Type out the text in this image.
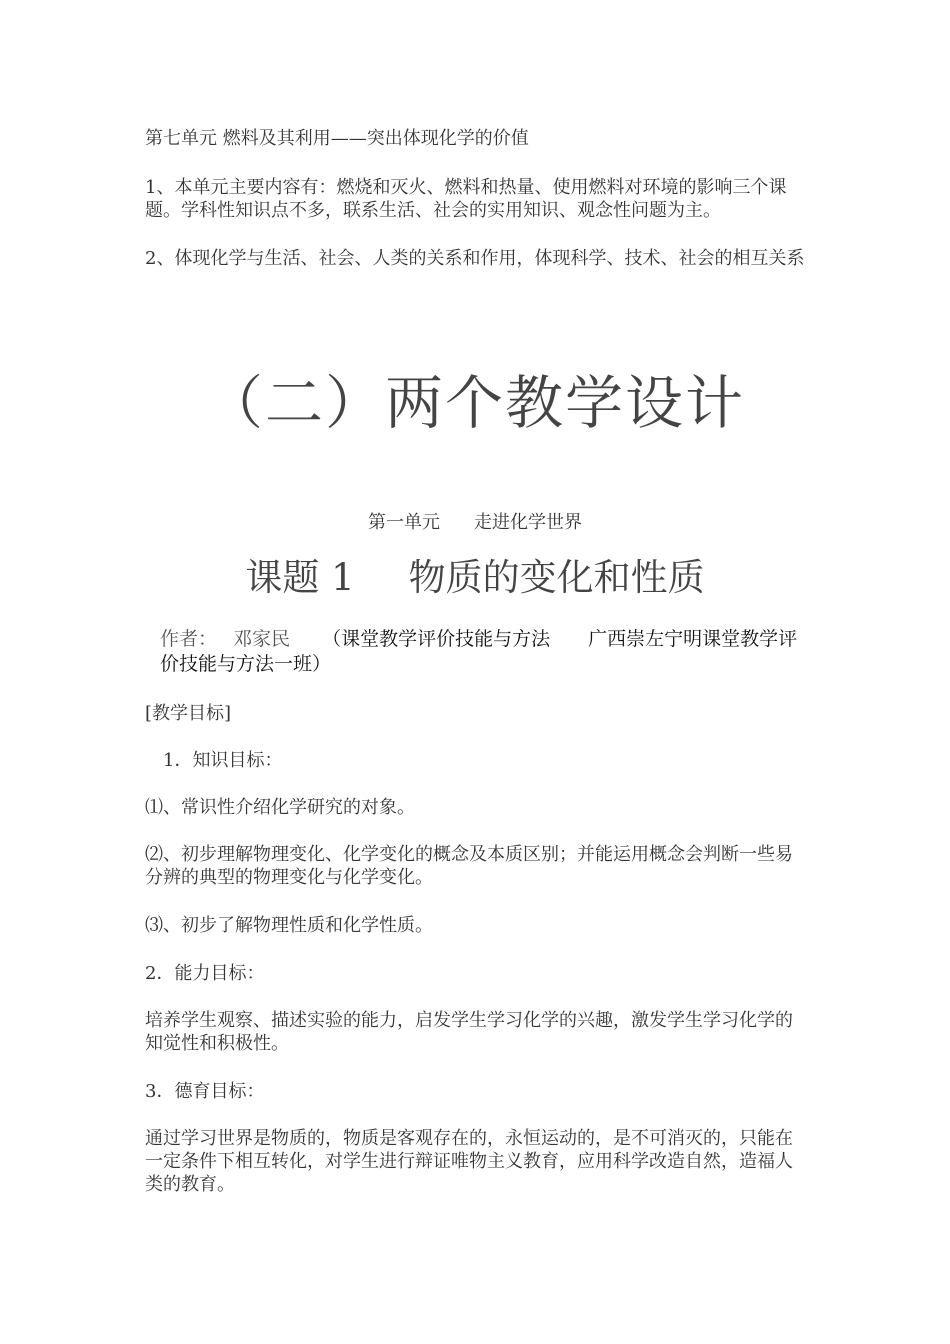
第七单元 燃料及其利用——突出体现化学的价值

1、本单元主要内容有：燃烧和灭火、燃料和热量、使用燃料对环境的影响三个课题。学科性知识点不多，联系生活、社会的实用知识、观念性问题为主。

2、体现化学与生活、社会、人类的关系和作用，体现科学、技术、社会的相互关系

（二）两个教学设计
第一单元 走进化学世界
课题 1 物质的变化和性质
作者： 邓家民 （课堂教学评价技能与方法　　广西崇左宁明课堂教学评价技能与方法一班）

[教学目标]

1．知识目标：

⑴、常识性介绍化学研究的对象。

⑵、初步理解物理变化、化学变化的概念及本质区别；并能运用概念会判断一些易分辨的典型的物理变化与化学变化。

⑶、初步了解物理性质和化学性质。

2．能力目标：

培养学生观察、描述实验的能力，启发学生学习化学的兴趣，激发学生学习化学的知觉性和积极性。

3．德育目标：

通过学习世界是物质的，物质是客观存在的，永恒运动的，是不可消灭的，只能在一定条件下相互转化，对学生进行辩证唯物主义教育，应用科学改造自然，造福人类的教育。
